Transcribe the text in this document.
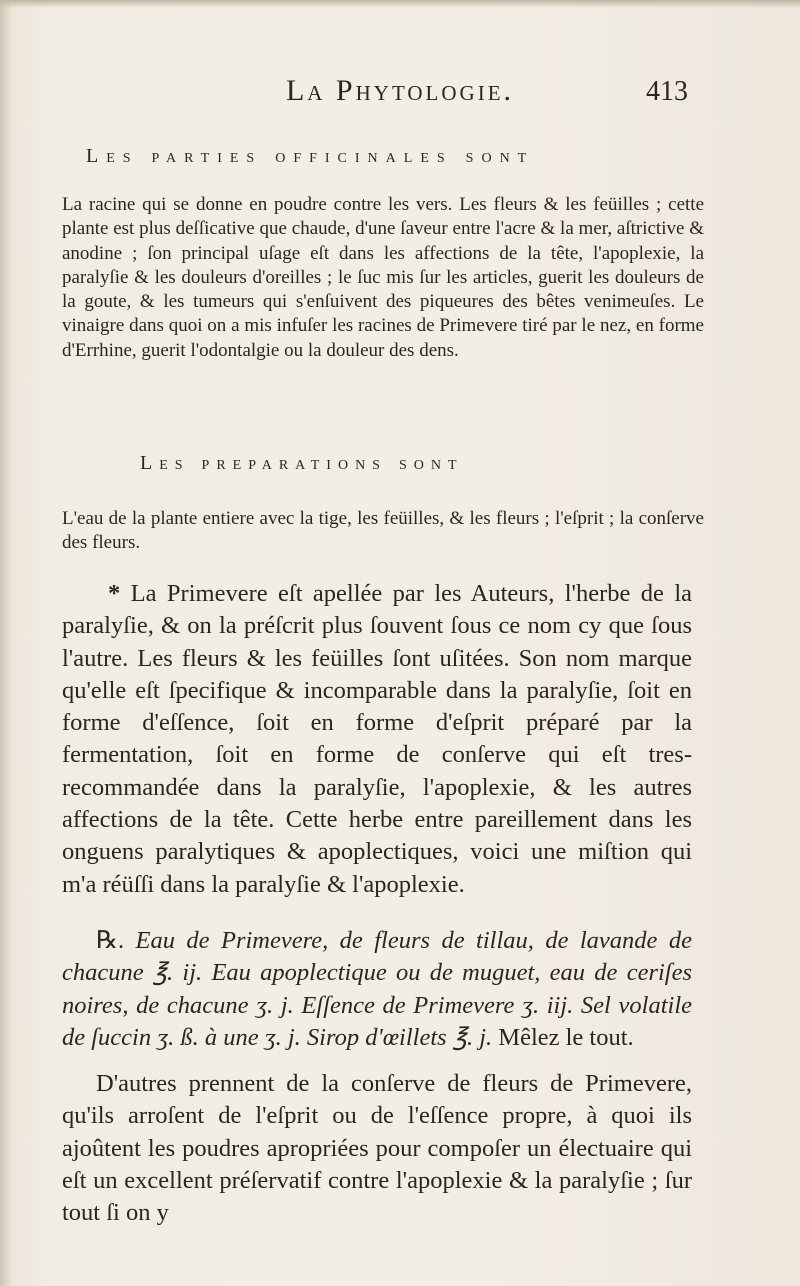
La Phytologie.	413
Les parties officinales sont
La racine qui se donne en poudre contre les vers. Les fleurs & les feüilles ; cette plante est plus deſſicative que chaude, d'une ſaveur entre l'acre & la mer, aſtrictive & anodine ; ſon principal uſage eſt dans les affections de la tête, l'apoplexie, la paralyſie & les douleurs d'oreilles ; le ſuc mis ſur les articles, guerit les douleurs de la goute, & les tumeurs qui s'enſuivent des piqueures des bêtes venimeuſes. Le vinaigre dans quoi on a mis infuſer les racines de Primevere tiré par le nez, en forme d'Errhine, guerit l'odontalgie ou la douleur des dens.
Les preparations sont
L'eau de la plante entiere avec la tige, les feüilles, & les fleurs ; l'eſprit ; la conſerve des fleurs.
* La Primevere eſt apellée par les Auteurs, l'herbe de la paralyſie, & on la préſcrit plus ſouvent ſous ce nom cy que ſous l'autre. Les fleurs & les feüilles ſont uſitées. Son nom marque qu'elle eſt ſpecifique & incomparable dans la paralyſie, ſoit en forme d'eſſence, ſoit en forme d'eſprit préparé par la fermentation, ſoit en forme de conſerve qui eſt tres-recommandée dans la paralyſie, l'apoplexie, & les autres affections de la tête. Cette herbe entre pareillement dans les onguens paralytiques & apoplectiques, voici une miſtion qui m'a réüſſi dans la paralyſie & l'apoplexie.
℞. Eau de Primevere, de fleurs de tillau, de lavande de chacune ℥. ij. Eau apoplectique ou de muguet, eau de ceriſes noires, de chacune ʒ. j. Eſſence de Primevere ʒ. iij. Sel volatile de ſuccin ʒ. ß. à une ʒ. j. Sirop d'œillets ℥. j. Mêlez le tout.
D'autres prennent de la conſerve de fleurs de Primevere, qu'ils arroſent de l'eſprit ou de l'eſſence propre, à quoi ils ajoûtent les poudres apropriées pour compoſer un électuaire qui eſt un excellent préſervatif contre l'apoplexie & la paralyſie ; ſur tout ſi on y
